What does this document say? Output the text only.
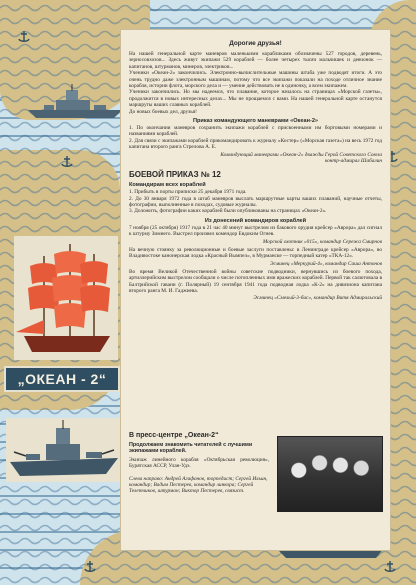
„ОКЕАН - 2“
Дорогие друзья!

На нашей генеральной карте маневров маленькими корабликами обозначены 527 городов, деревень, зерносовхозов... Здесь живут экипажи 529 кораблей — более четырех тысяч мальчишек и девчонок — капитанов, штурманов, минеров, электриков...

Ученики «Океан-2» закончились. Электронно-вычислительные машины штаба уже подводят итоги. А это очень трудно даже электронным машинам, потому что все экипажи показали на походе отличное знание корабля, истории флота, морского дела и — умение действовать не в одиночку, а всем экипажем.

Ученики закончились. Но мы надеемся, что плавание, которое началось на страницах «Морской газеты», продолжится в новых интересных делах... Мы не прощаемся с вами. На нашей генеральной карте останутся маршруты ваших славных кораблей.

До новых боевых дел, друзья!

Приказ командующего маневрами «Океан-2»

1. По окончании маневров сохранить экипажи кораблей с присвоенными им бортовыми номерами и названиями кораблей.

2. Для связи с экипажами кораблей прикомандировать к журналу «Костер» («Морская газета») на весь 1972 год капитана второго ранга Стрелова А. Е.

Командующий маневрами «Океан-2» дважды Герой Советского Союза
контр-адмирал Шабалин
БОЕВОЙ ПРИКАЗ № 12
Командирам всех кораблей

1. Прибыть в порты приписки 25 декабря 1971 года.

2. До 30 января 1972 года в штаб маневров выслать маршрутные карты ваших плаваний, научные отчеты, фотографии, выполненные в походах, судовые журналы.

3. Доложить, фотографии каких кораблей были опубликованы на страницах «Океан-2».

Из донесений командиров кораблей

7 ноября (25 октября) 1917 года в 21 час 40 минут выстрелом из бакового орудия крейсер «Аврора» дал сигнал к штурму Зимнего. Выстрел произвел комендор Евдоким Огнев.

Морской охотник «015», командир Сережа Смирнов

На вечную стоянку за революционные и боевые заслуги поставлены: в Ленинграде крейсер «Аврора», во Владивостоке канонерская лодка «Красный Вымпел», в Мурманске — торпедный катер «ТКА-12».

Эсминец «Меркурий-4», командир Саша Антонов

Во время Великой Отечественной войны советские подводники, вернувшись из боевого похода, артиллерийским выстрелом сообщали о числе потопленных ими вражеских кораблей. Первой так салютовала в Балтрийской гавани (г. Полярный) 19 сентября 1941 года подводная лодка «К-2» на дивизиона капитана второго ранга М. И. Гаджиева.

Эсминец «Смелый-3-бис», командир Витя Адмиральский
В пресс-центре „Океан-2“
Продолжаем знакомить читателей с лучшими экипажами кораблей.

Экипаж линейного корабля «Октябрьская революция», Бурятская АССР, Улан-Удэ.

Слева направо: Андрей Агафонов, торпедист; Сергей Ильин, командир; Вадим Пестерев, командир линкора; Сергей Телетчиков, штурман; Виктор Пестерев, связист.
